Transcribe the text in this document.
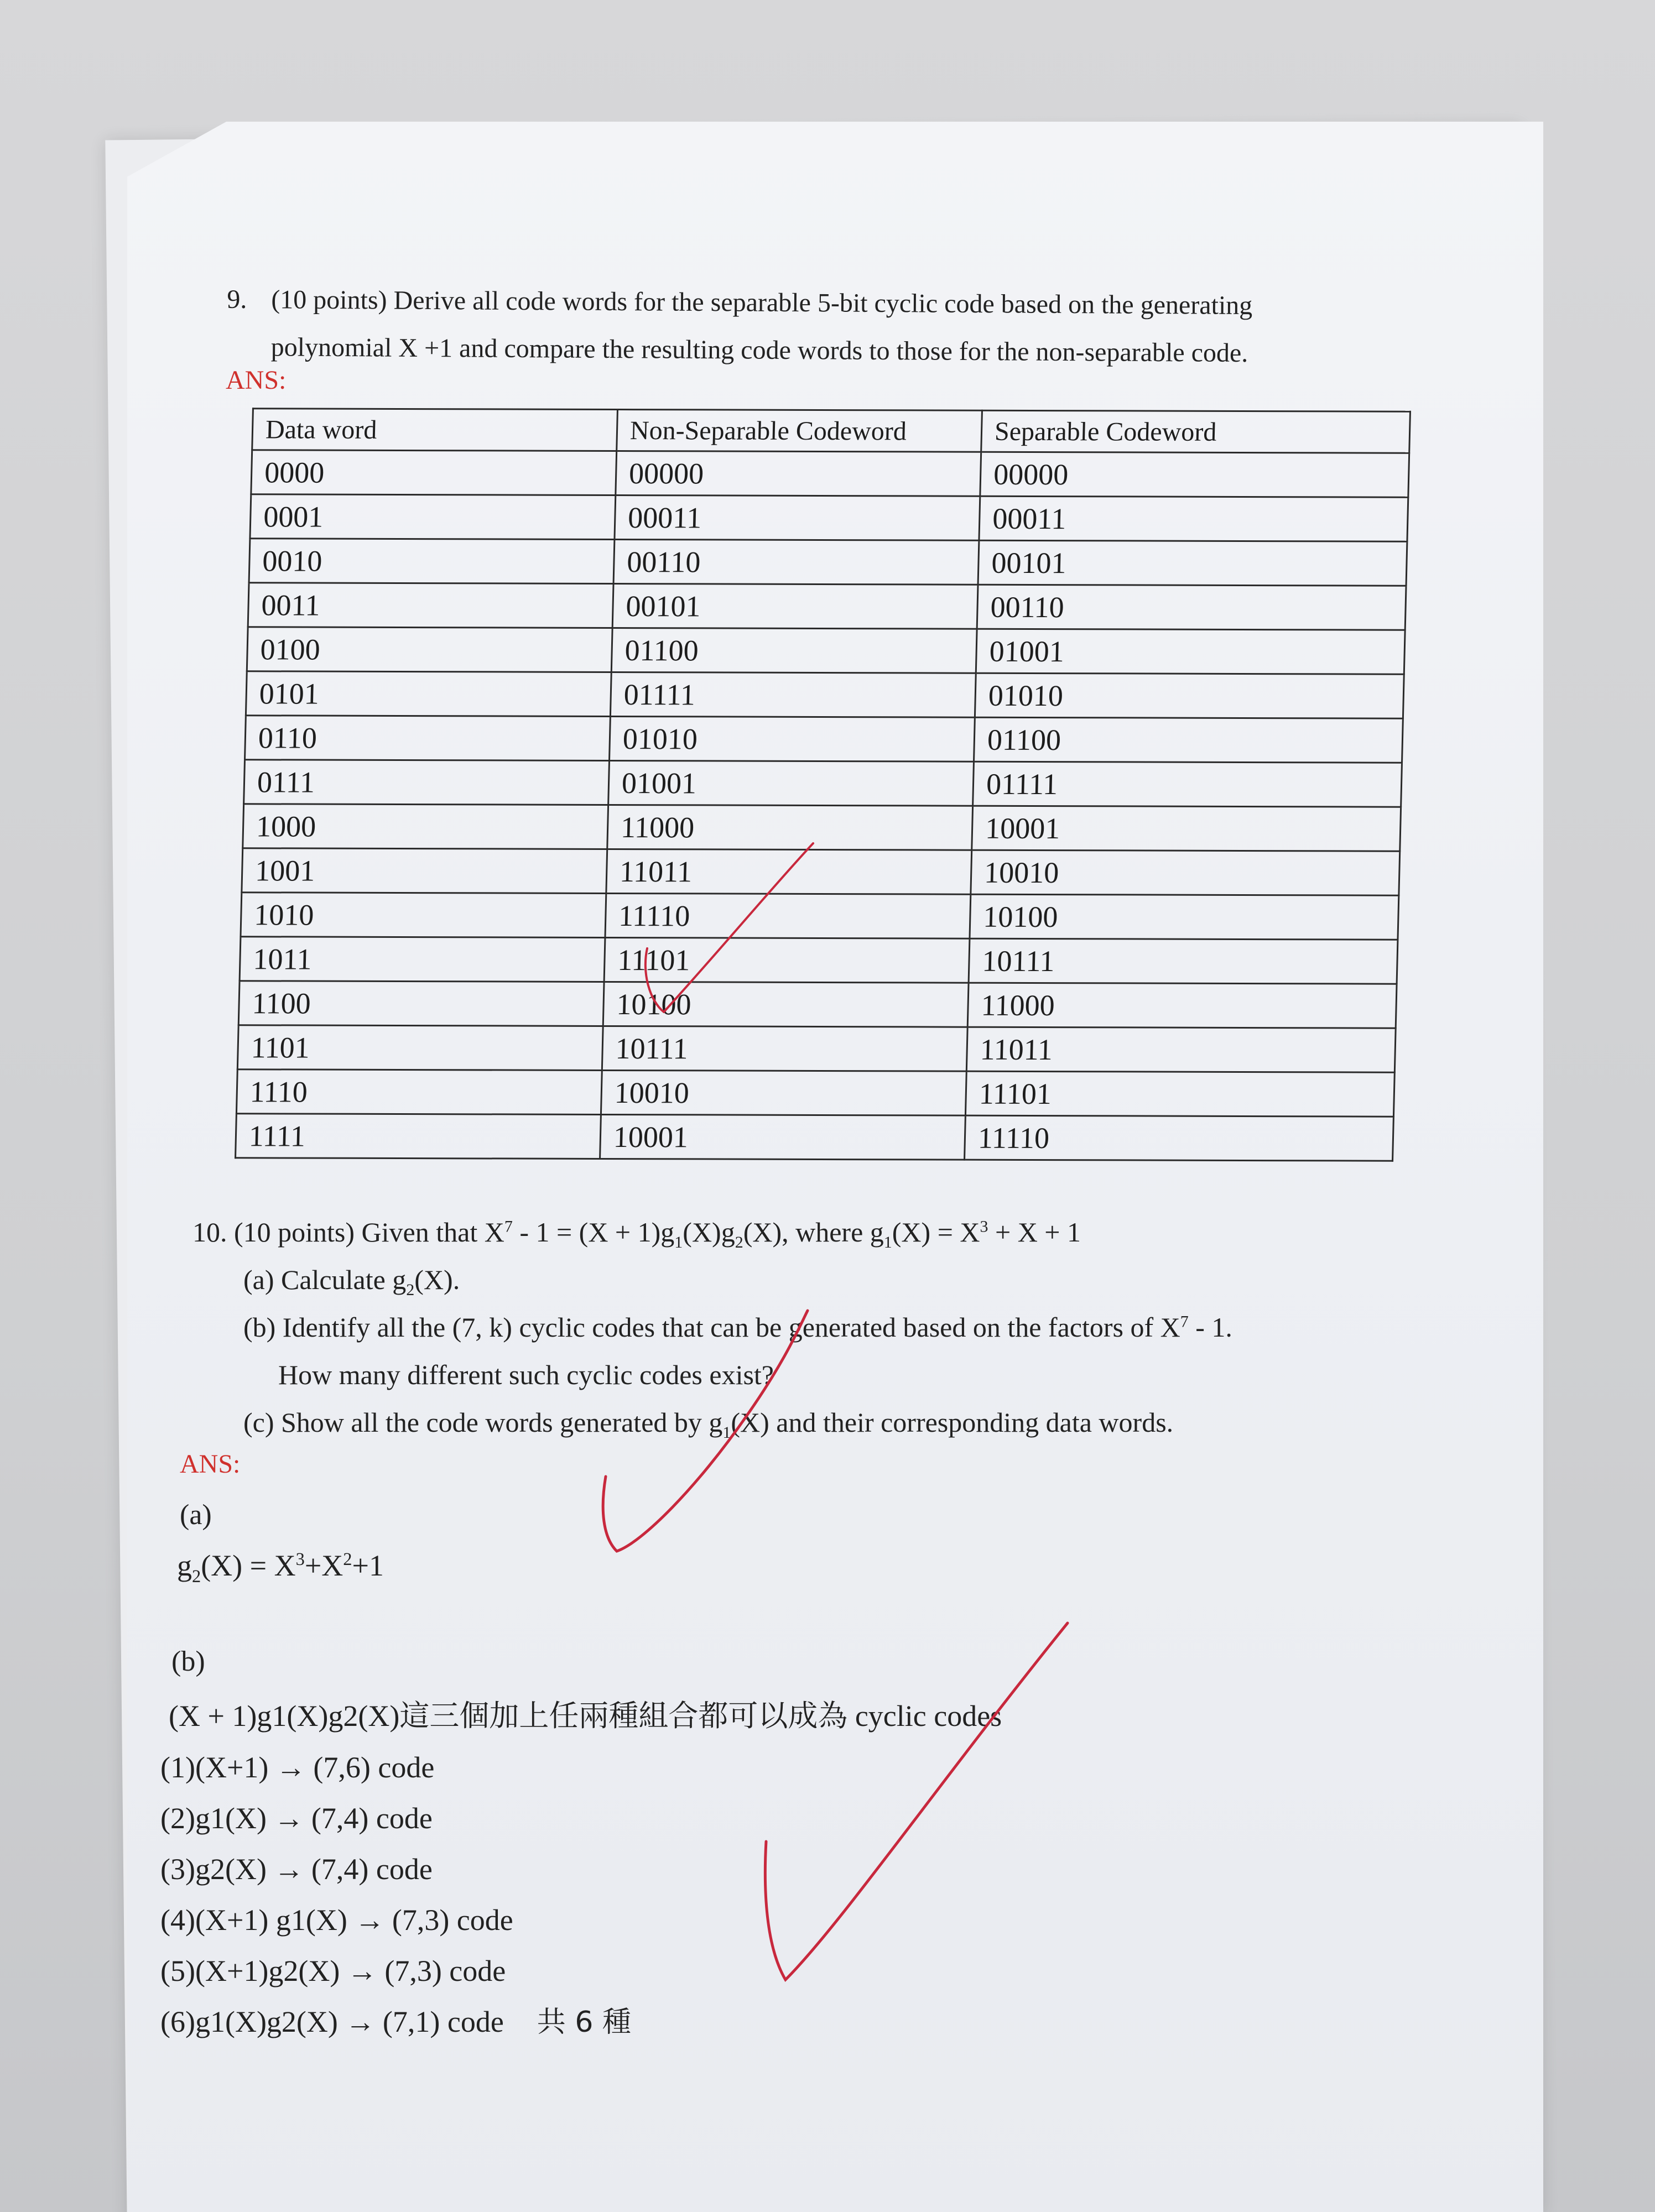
9. (10 points) Derive all code words for the separable 5-bit cyclic code based on the generating
polynomial X +1 and compare the resulting code words to those for the non-separable code.
ANS:
Data word	Non-Separable Codeword	Separable Codeword
0000	00000	00000
0001	00011	00011
0010	00110	00101
0011	00101	00110
0100	01100	01001
0101	01111	01010
0110	01010	01100
0111	01001	01111
1000	11000	10001
1001	11011	10010
1010	11110	10100
1011	11101	10111
1100	10100	11000
1101	10111	11011
1110	10010	11101
1111	10001	11110
10. (10 points) Given that $X^7 - 1 = (X + 1)g_1(X)g_2(X)$, where $g_1(X) = X^3 + X + 1$
(a) Calculate $g_2(X)$.
(b) Identify all the (7, k) cyclic codes that can be generated based on the factors of $X^7 - 1$.
How many different such cyclic codes exist?
(c) Show all the code words generated by $g_1(X)$ and their corresponding data words.
ANS:
(a)
$g_2(X) = X^3+X^2+1$
(b)
(X + 1)g1(X)g2(X)這三個加上任兩種組合都可以成為 cyclic codes
(1)(X+1) → (7,6) code
(2)g1(X) → (7,4) code
(3)g2(X) → (7,4) code
(4)(X+1) g1(X) → (7,3) code
(5)(X+1)g2(X) → (7,3) code
(6)g1(X)g2(X) → (7,1) code 共 6 種
